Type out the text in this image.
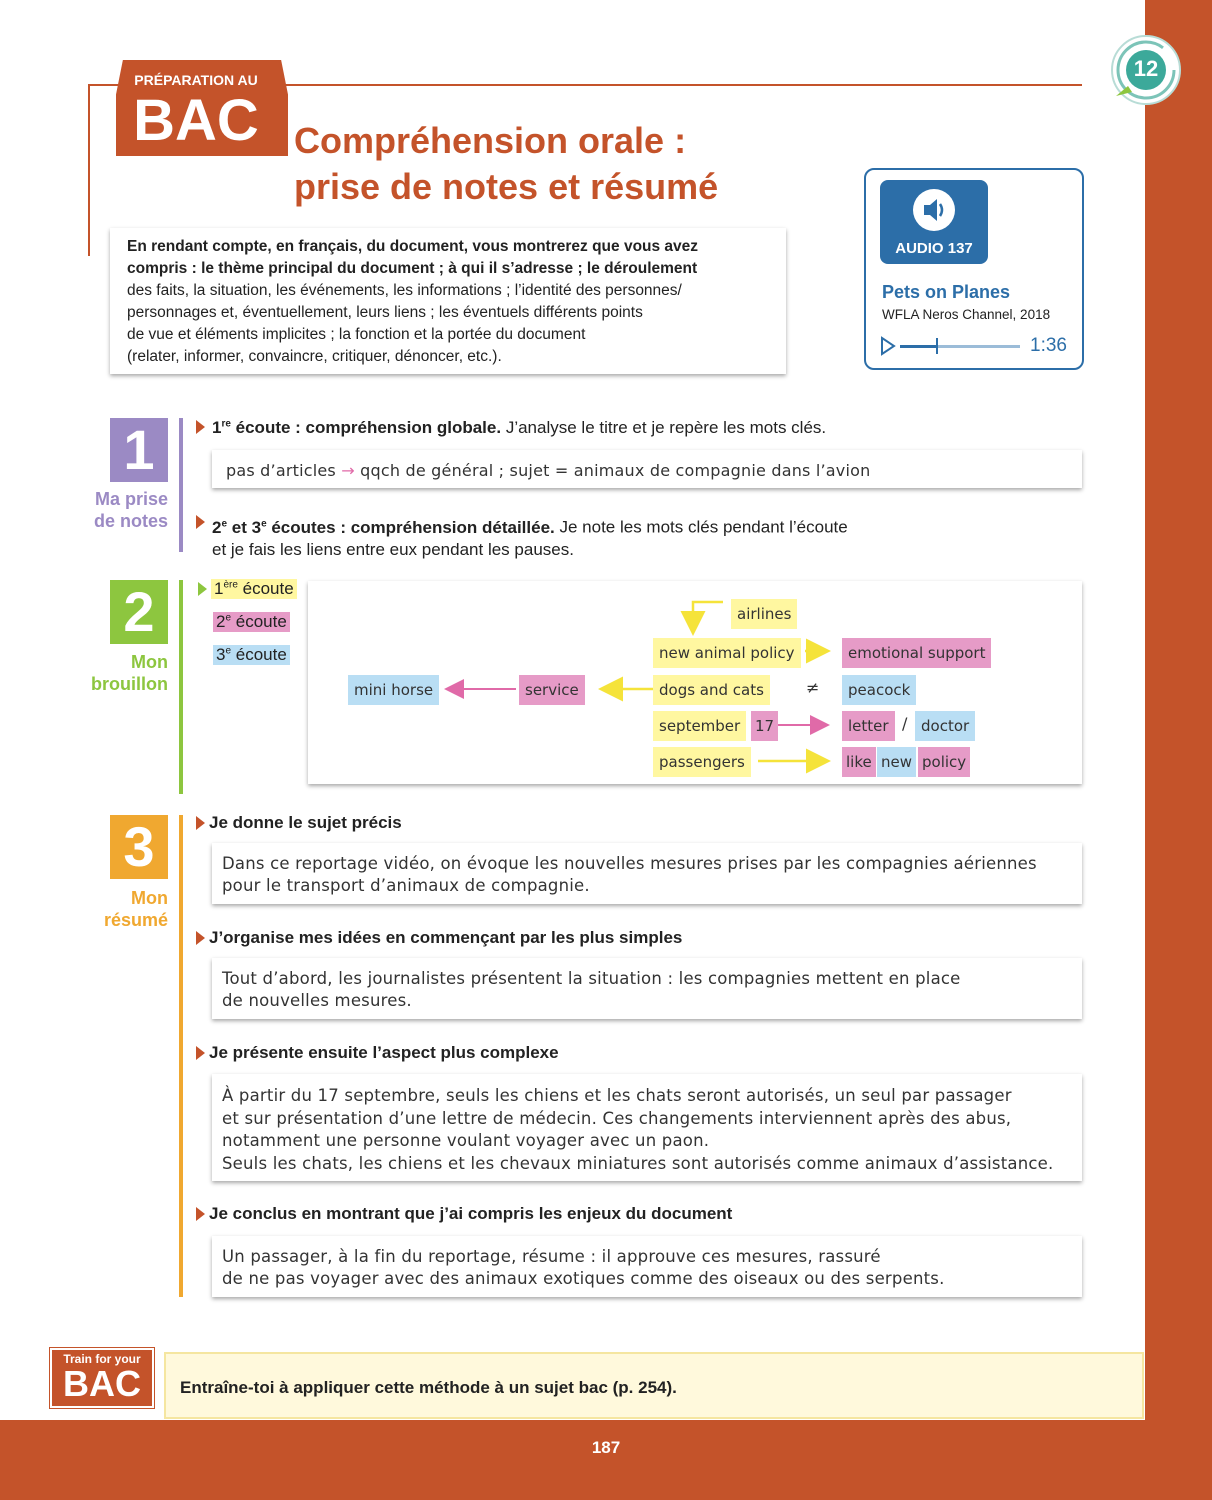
187
12
PRÉPARATION AU
BAC Compréhension orale :
prise de notes et résumé
En rendant compte, en français, du document, vous montrerez que vous avez
compris : le thème principal du document ; à qui il s’adresse ; le déroulement
des faits, la situation, les événements, les informations ; l’identité des personnes/
personnages et, éventuellement, leurs liens ; les éventuels différents points
de vue et éléments implicites ; la fonction et la portée du document
(relater, informer, convaincre, critiquer, dénoncer, etc.).
AUDIO 137
Pets on Planes
WFLA Neros Channel, 2018
1:36
1
Ma prise
de notes
1re écoute : compréhension globale. J’analyse le titre et je repère les mots clés.
pas d’articles → qqch de général ; sujet = animaux de compagnie dans l’avion
2e et 3e écoutes : compréhension détaillée. Je note les mots clés pendant l’écoute
et je fais les liens entre eux pendant les pauses.
2
Mon
brouillon
1ère écoute
2e écoute
3e écoute
airlines
new animal policy	emotional support
mini horse	service	dogs and cats	≠	peacock
september 17	letter / doctor
passengers	like new policy
3
Mon
résumé
Je donne le sujet précis
Dans ce reportage vidéo, on évoque les nouvelles mesures prises par les compagnies aériennes
pour le transport d’animaux de compagnie.
J’organise mes idées en commençant par les plus simples
Tout d’abord, les journalistes présentent la situation : les compagnies mettent en place
de nouvelles mesures.
Je présente ensuite l’aspect plus complexe
À partir du 17 septembre, seuls les chiens et les chats seront autorisés, un seul par passager
et sur présentation d’une lettre de médecin. Ces changements interviennent après des abus,
notamment une personne voulant voyager avec un paon.
Seuls les chats, les chiens et les chevaux miniatures sont autorisés comme animaux d’assistance.
Je conclus en montrant que j’ai compris les enjeux du document
Un passager, à la fin du reportage, résume : il approuve ces mesures, rassuré
de ne pas voyager avec des animaux exotiques comme des oiseaux ou des serpents.
Train for your
BAC	Entraîne-toi à appliquer cette méthode à un sujet bac (p. 254).
